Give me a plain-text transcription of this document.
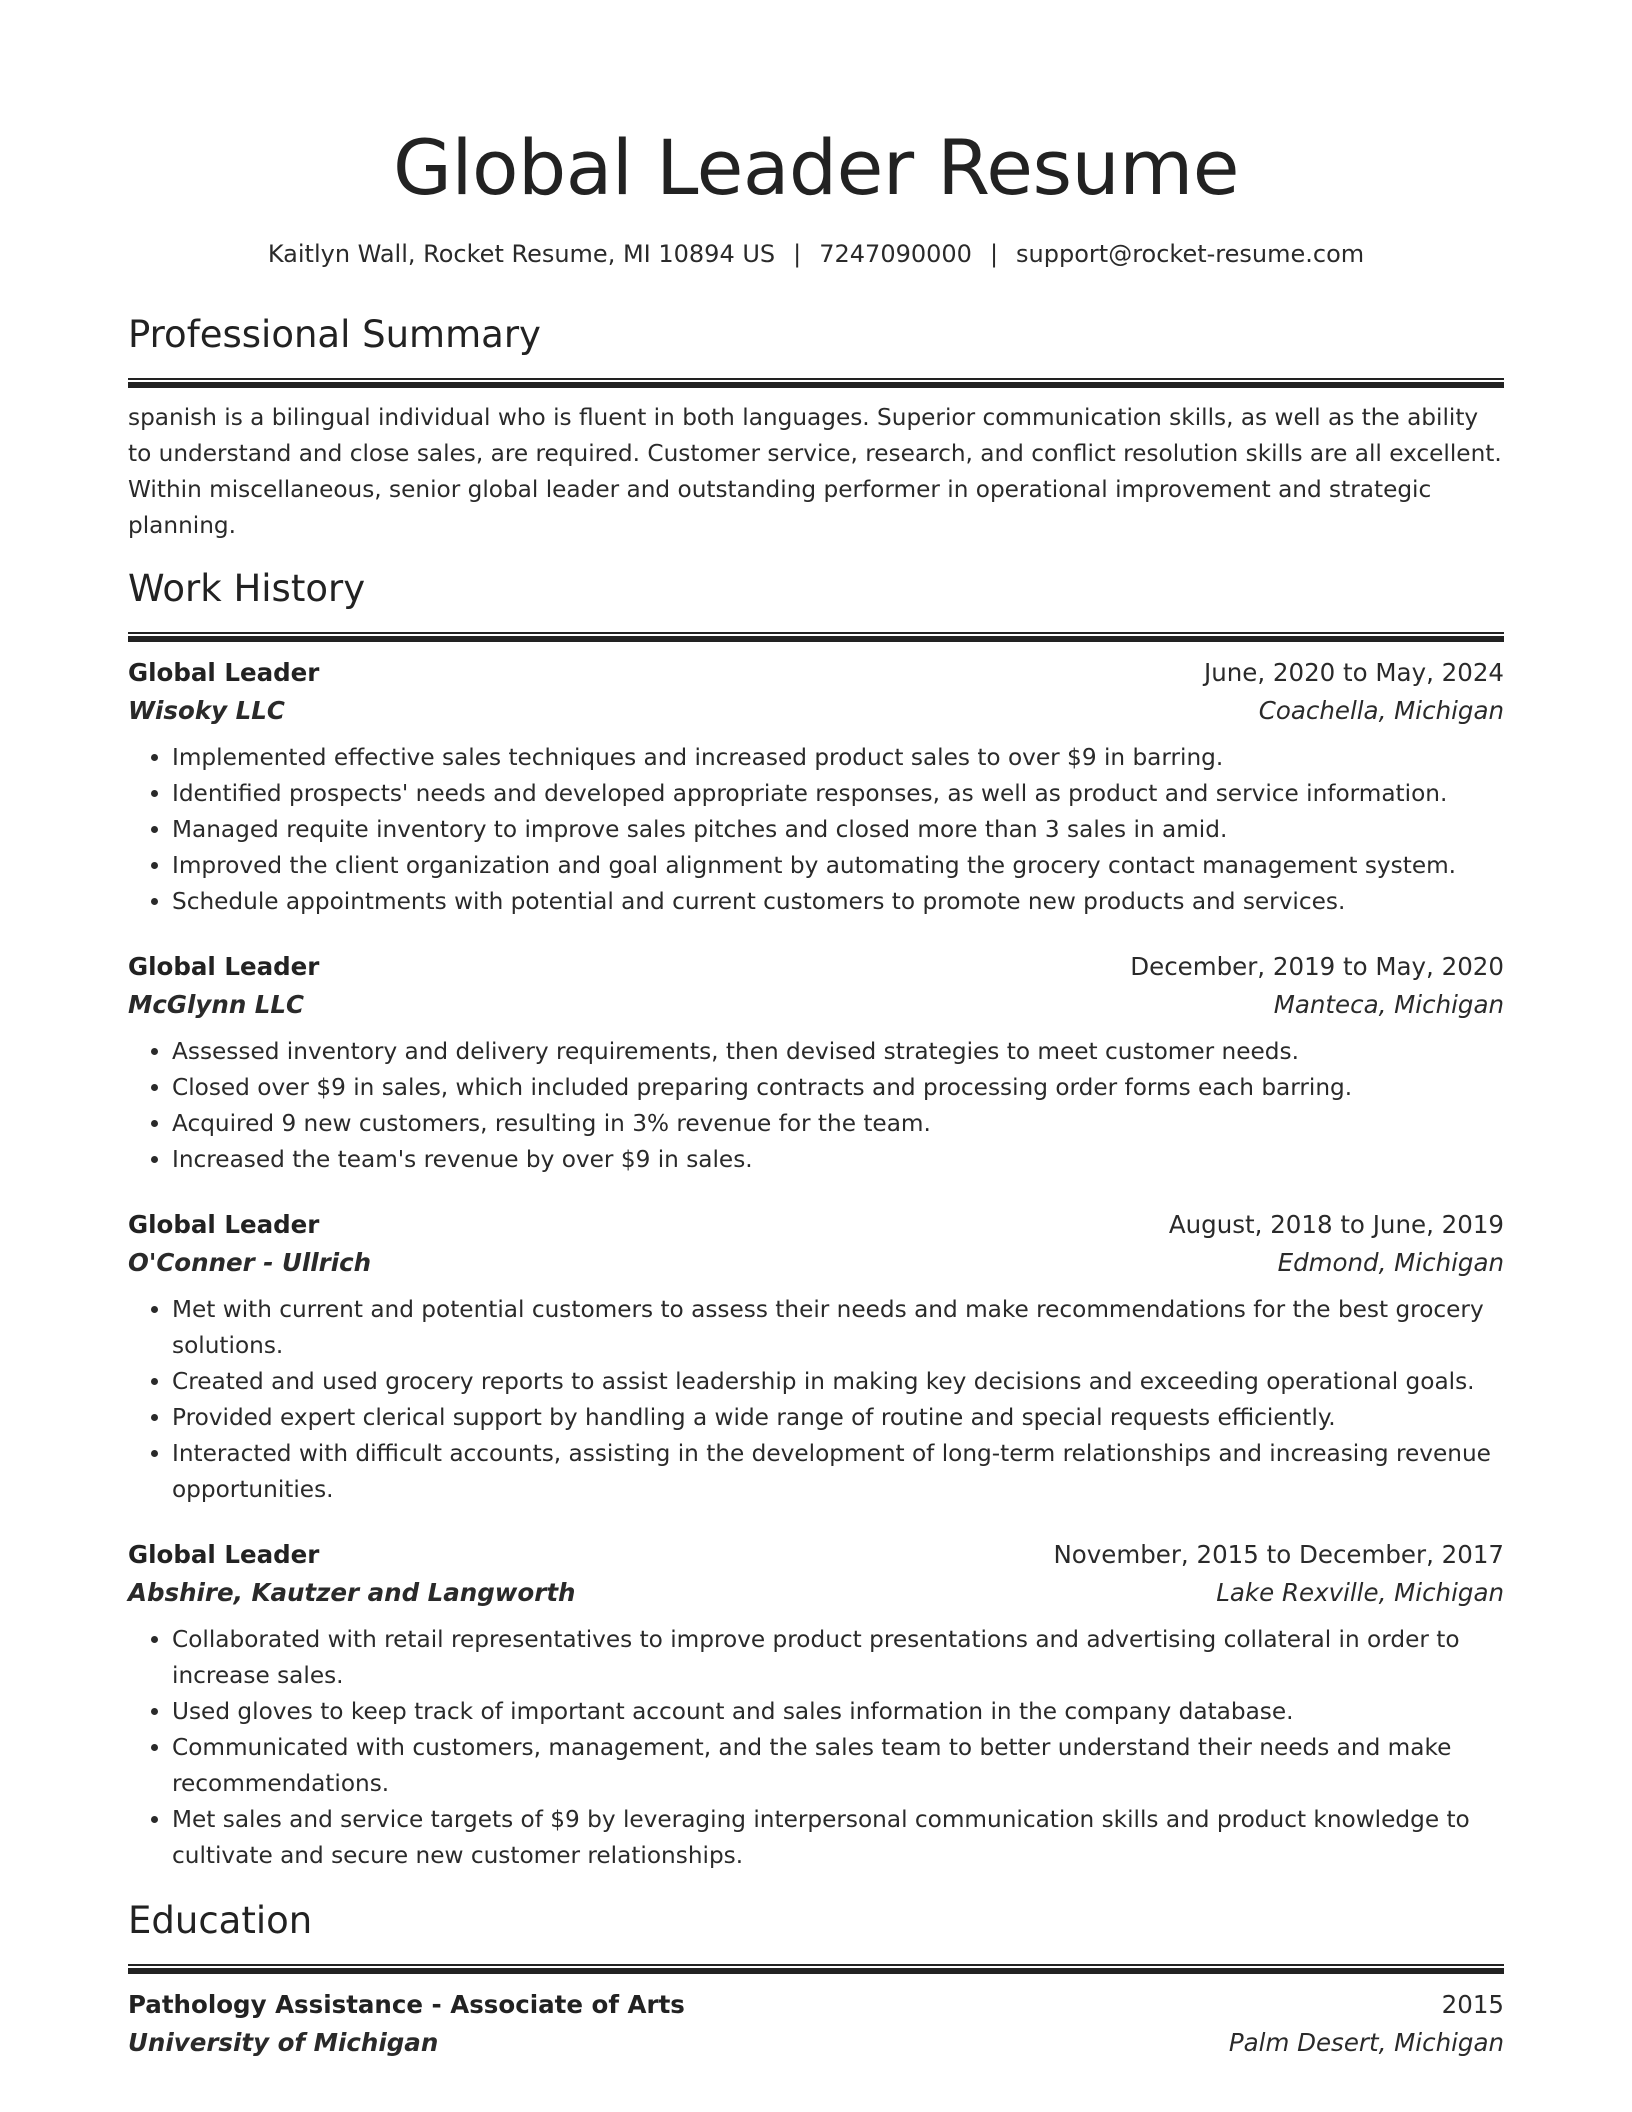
Global Leader Resume
Kaitlyn Wall, Rocket Resume, MI 10894 US | 7247090000 | support@rocket-resume.com
Professional Summary

spanish is a bilingual individual who is fluent in both languages. Superior communication skills, as well as the ability to understand and close sales, are required. Customer service, research, and conflict resolution skills are all excellent. Within miscellaneous, senior global leader and outstanding performer in operational improvement and strategic planning.

Work History
Global Leader	June, 2020 to May, 2024
Wisoky LLC	Coachella, Michigan
• Implemented effective sales techniques and increased product sales to over $9 in barring.
• Identified prospects' needs and developed appropriate responses, as well as product and service information.
• Managed requite inventory to improve sales pitches and closed more than 3 sales in amid.
• Improved the client organization and goal alignment by automating the grocery contact management system.
• Schedule appointments with potential and current customers to promote new products and services.
Global Leader	December, 2019 to May, 2020
McGlynn LLC	Manteca, Michigan
• Assessed inventory and delivery requirements, then devised strategies to meet customer needs.
• Closed over $9 in sales, which included preparing contracts and processing order forms each barring.
• Acquired 9 new customers, resulting in 3% revenue for the team.
• Increased the team's revenue by over $9 in sales.
Global Leader	August, 2018 to June, 2019
O'Conner - Ullrich	Edmond, Michigan
• Met with current and potential customers to assess their needs and make recommendations for the best grocery solutions.
• Created and used grocery reports to assist leadership in making key decisions and exceeding operational goals.
• Provided expert clerical support by handling a wide range of routine and special requests efficiently.
• Interacted with difficult accounts, assisting in the development of long-term relationships and increasing revenue opportunities.
Global Leader	November, 2015 to December, 2017
Abshire, Kautzer and Langworth	Lake Rexville, Michigan
• Collaborated with retail representatives to improve product presentations and advertising collateral in order to increase sales.
• Used gloves to keep track of important account and sales information in the company database.
• Communicated with customers, management, and the sales team to better understand their needs and make recommendations.
• Met sales and service targets of $9 by leveraging interpersonal communication skills and product knowledge to cultivate and secure new customer relationships.
Education
Pathology Assistance - Associate of Arts	2015
University of Michigan	Palm Desert, Michigan
